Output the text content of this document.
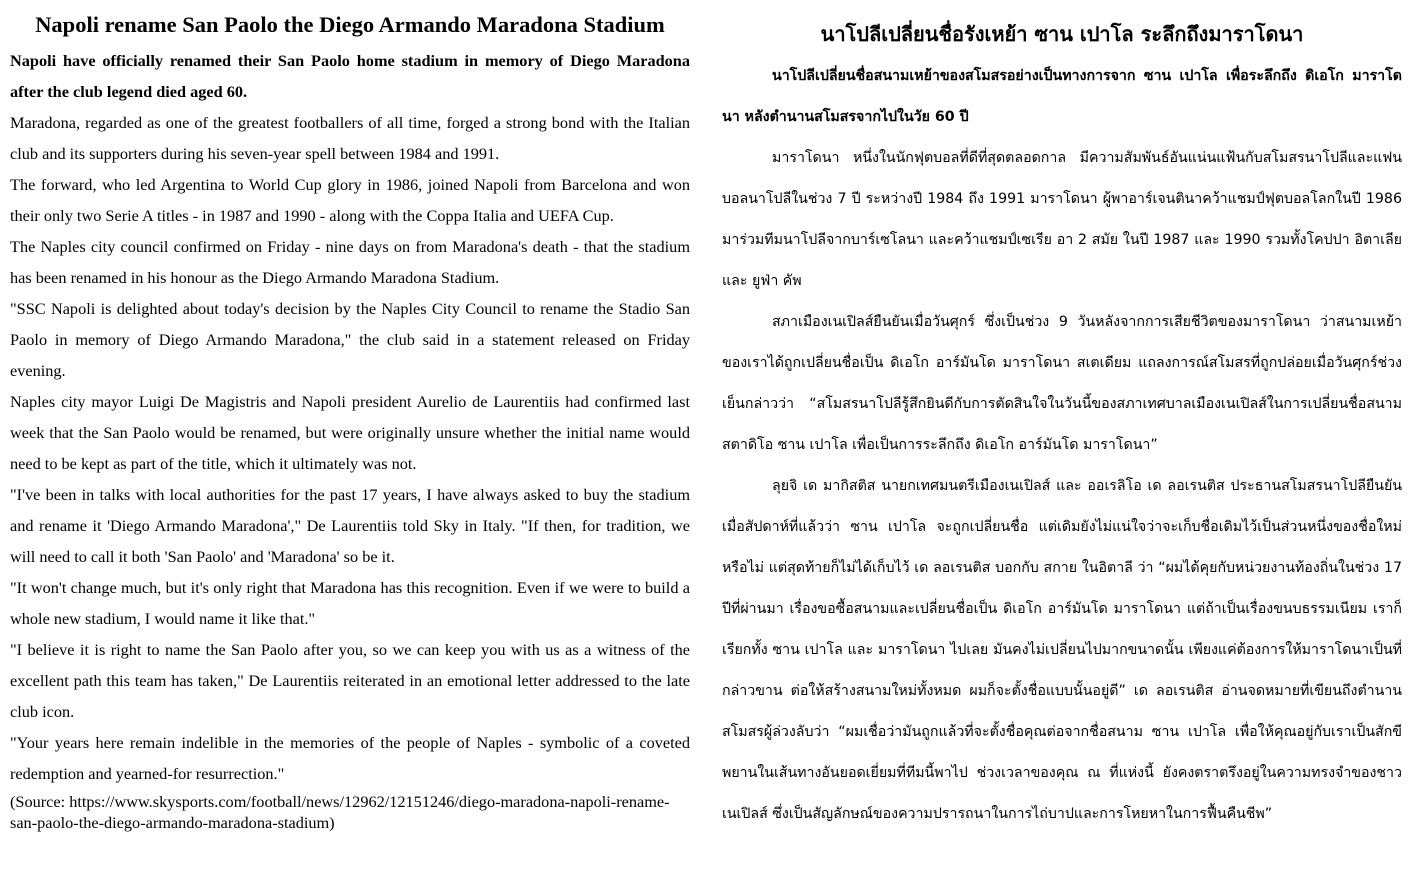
Napoli rename San Paolo the Diego Armando Maradona Stadium

Napoli have officially renamed their San Paolo home stadium in memory of Diego Maradona after the club legend died aged 60.

Maradona, regarded as one of the greatest footballers of all time, forged a strong bond with the Italian club and its supporters during his seven-year spell between 1984 and 1991.

The forward, who led Argentina to World Cup glory in 1986, joined Napoli from Barcelona and won their only two Serie A titles - in 1987 and 1990 - along with the Coppa Italia and UEFA Cup.

The Naples city council confirmed on Friday - nine days on from Maradona's death - that the stadium has been renamed in his honour as the Diego Armando Maradona Stadium.

"SSC Napoli is delighted about today's decision by the Naples City Council to rename the Stadio San Paolo in memory of Diego Armando Maradona," the club said in a statement released on Friday evening.

Naples city mayor Luigi De Magistris and Napoli president Aurelio de Laurentiis had confirmed last week that the San Paolo would be renamed, but were originally unsure whether the initial name would need to be kept as part of the title, which it ultimately was not.

"I've been in talks with local authorities for the past 17 years, I have always asked to buy the stadium and rename it 'Diego Armando Maradona'," De Laurentiis told Sky in Italy. "If then, for tradition, we will need to call it both 'San Paolo' and 'Maradona' so be it.

"It won't change much, but it's only right that Maradona has this recognition. Even if we were to build a whole new stadium, I would name it like that."

"I believe it is right to name the San Paolo after you, so we can keep you with us as a witness of the excellent path this team has taken," De Laurentiis reiterated in an emotional letter addressed to the late club icon.

"Your years here remain indelible in the memories of the people of Naples - symbolic of a coveted redemption and yearned-for resurrection."

(Source: https://www.skysports.com/football/news/12962/12151246/diego-maradona-napoli-rename-san-paolo-the-diego-armando-maradona-stadium)

นาโปลีเปลี่ยนชื่อรังเหย้า ซาน เปาโล ระลึกถึงมาราโดนา

นาโปลีเปลี่ยนชื่อสนามเหย้าของสโมสรอย่างเป็นทางการจาก ซาน เปาโล เพื่อระลึกถึง ดิเอโก มาราโดนา หลังตำนานสโมสรจากไปในวัย 60 ปี

มาราโดนา หนึ่งในนักฟุตบอลที่ดีที่สุดตลอดกาล มีความสัมพันธ์อันแน่นแฟ้นกับสโมสรนาโปลีและแฟนบอลนาโปลีในช่วง 7 ปี ระหว่างปี 1984 ถึง 1991 มาราโดนา ผู้พาอาร์เจนตินาคว้าแชมป์ฟุตบอลโลกในปี 1986 มาร่วมทีมนาโปลีจากบาร์เซโลนา และคว้าแชมป์เซเรีย อา 2 สมัย ในปี 1987 และ 1990 รวมทั้งโคปปา อิตาเลีย และ ยูฟ่า คัพ

สภาเมืองเนเปิลส์ยืนยันเมื่อวันศุกร์ ซึ่งเป็นช่วง 9 วันหลังจากการเสียชีวิตของมาราโดนา ว่าสนามเหย้าของเราได้ถูกเปลี่ยนชื่อเป็น ดิเอโก อาร์มันโด มาราโดนา สเตเดียม แถลงการณ์สโมสรที่ถูกปล่อยเมื่อวันศุกร์ช่วงเย็นกล่าวว่า “สโมสรนาโปลีรู้สึกยินดีกับการตัดสินใจในวันนี้ของสภาเทศบาลเมืองเนเปิลส์ในการเปลี่ยนชื่อสนาม สตาดิโอ ซาน เปาโล เพื่อเป็นการระลึกถึง ดิเอโก อาร์มันโด มาราโดนา”

ลุยจิ เด มากิสติส นายกเทศมนตรีเมืองเนเปิลส์ และ ออเรลิโอ เด ลอเรนติส ประธานสโมสรนาโปลียืนยันเมื่อสัปดาห์ที่แล้วว่า ซาน เปาโล จะถูกเปลี่ยนชื่อ แต่เดิมยังไม่แน่ใจว่าจะเก็บชื่อเดิมไว้เป็นส่วนหนึ่งของชื่อใหม่หรือไม่ แต่สุดท้ายก็ไม่ได้เก็บไว้ เด ลอเรนติส บอกกับ สกาย ในอิตาลี ว่า “ผมได้คุยกับหน่วยงานท้องถิ่นในช่วง 17 ปีที่ผ่านมา เรื่องขอซื้อสนามและเปลี่ยนชื่อเป็น ดิเอโก อาร์มันโด มาราโดนา แต่ถ้าเป็นเรื่องขนบธรรมเนียม เราก็เรียกทั้ง ซาน เปาโล และ มาราโดนา ไปเลย มันคงไม่เปลี่ยนไปมากขนาดนั้น เพียงแค่ต้องการให้มาราโดนาเป็นที่กล่าวขาน ต่อให้สร้างสนามใหม่ทั้งหมด ผมก็จะตั้งชื่อแบบนั้นอยู่ดี” เด ลอเรนติส อ่านจดหมายที่เขียนถึงตำนานสโมสรผู้ล่วงลับว่า “ผมเชื่อว่ามันถูกแล้วที่จะตั้งชื่อคุณต่อจากชื่อสนาม ซาน เปาโล เพื่อให้คุณอยู่กับเราเป็นสักขีพยานในเส้นทางอันยอดเยี่ยมที่ทีมนี้พาไป ช่วงเวลาของคุณ ณ ที่แห่งนี้ ยังคงตราตรึงอยู่ในความทรงจำของชาวเนเปิลส์ ซึ่งเป็นสัญลักษณ์ของความปรารถนาในการไถ่บาปและการโหยหาในการฟื้นคืนชีพ”
